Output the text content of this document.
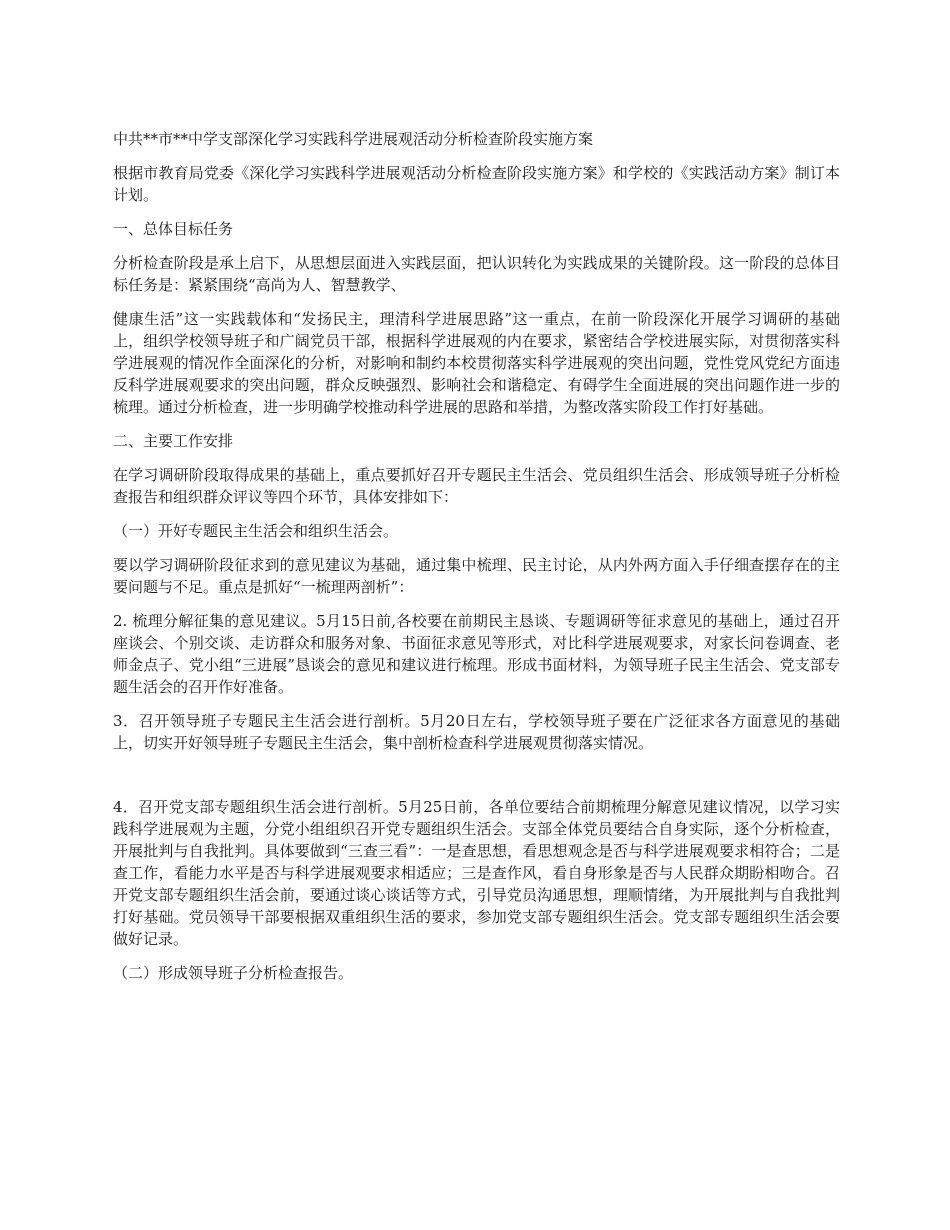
中共**市**中学支部深化学习实践科学进展观活动分析检查阶段实施方案

根据市教育局党委《深化学习实践科学进展观活动分析检查阶段实施方案》和学校的《实践活动方案》制订本计划。

一、总体目标任务

分析检查阶段是承上启下，从思想层面进入实践层面，把认识转化为实践成果的关键阶段。这一阶段的总体目标任务是：紧紧围绕“高尚为人、智慧教学、

健康生活”这一实践载体和“发扬民主，理清科学进展思路”这一重点，在前一阶段深化开展学习调研的基础上，组织学校领导班子和广阔党员干部，根据科学进展观的内在要求，紧密结合学校进展实际，对贯彻落实科学进展观的情况作全面深化的分析，对影响和制约本校贯彻落实科学进展观的突出问题，党性党风党纪方面违反科学进展观要求的突出问题，群众反映强烈、影响社会和谐稳定、有碍学生全面进展的突出问题作进一步的梳理。通过分析检查，进一步明确学校推动科学进展的思路和举措，为整改落实阶段工作打好基础。

二、主要工作安排

在学习调研阶段取得成果的基础上，重点要抓好召开专题民主生活会、党员组织生活会、形成领导班子分析检查报告和组织群众评议等四个环节，具体安排如下：

（一）开好专题民主生活会和组织生活会。

要以学习调研阶段征求到的意见建议为基础，通过集中梳理、民主讨论，从内外两方面入手仔细查摆存在的主要问题与不足。重点是抓好“一梳理两剖析”：

2. 梳理分解征集的意见建议。5月15日前,各校要在前期民主恳谈、专题调研等征求意见的基础上，通过召开座谈会、个别交谈、走访群众和服务对象、书面征求意见等形式，对比科学进展观要求，对家长问卷调查、老师金点子、党小组“三进展”恳谈会的意见和建议进行梳理。形成书面材料，为领导班子民主生活会、党支部专题生活会的召开作好准备。

3．召开领导班子专题民主生活会进行剖析。5月20日左右，学校领导班子要在广泛征求各方面意见的基础上，切实开好领导班子专题民主生活会，集中剖析检查科学进展观贯彻落实情况。

4．召开党支部专题组织生活会进行剖析。5月25日前，各单位要结合前期梳理分解意见建议情况，以学习实践科学进展观为主题，分党小组组织召开党专题组织生活会。支部全体党员要结合自身实际，逐个分析检查，开展批判与自我批判。具体要做到“三查三看”：一是查思想，看思想观念是否与科学进展观要求相符合；二是查工作，看能力水平是否与科学进展观要求相适应；三是查作风，看自身形象是否与人民群众期盼相吻合。召开党支部专题组织生活会前，要通过谈心谈话等方式，引导党员沟通思想，理顺情绪，为开展批判与自我批判打好基础。党员领导干部要根据双重组织生活的要求，参加党支部专题组织生活会。党支部专题组织生活会要做好记录。

（二）形成领导班子分析检查报告。
